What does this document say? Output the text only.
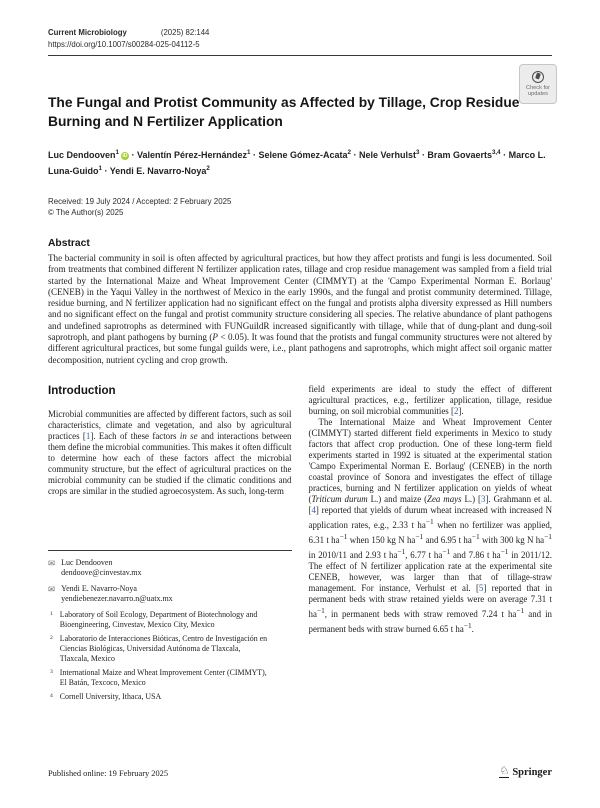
Current Microbiology	(2025) 82:144
https://doi.org/10.1007/s00284-025-04112-5
Check for
updates
The Fungal and Protist Community as Affected by Tillage, Crop Residue Burning and N Fertilizer Application
Luc Dendooven$^1$ iD · Valentín Pérez-Hernández$^1$ · Selene Gómez-Acata$^2$ · Nele Verhulst$^3$ · Bram Govaerts$^{3,4}$ · Marco L. Luna-Guido$^1$ · Yendi E. Navarro-Noya$^2$
Received: 19 July 2024 / Accepted: 2 February 2025
© The Author(s) 2025
Abstract

The bacterial community in soil is often affected by agricultural practices, but how they affect protists and fungi is less documented. Soil from treatments that combined different N fertilizer application rates, tillage and crop residue management was sampled from a field trial started by the International Maize and Wheat Improvement Center (CIMMYT) at the 'Campo Experimental Norman E. Borlaug' (CENEB) in the Yaqui Valley in the northwest of Mexico in the early 1990s, and the fungal and protist community determined. Tillage, residue burning, and N fertilizer application had no significant effect on the fungal and protists alpha diversity expressed as Hill numbers and no significant effect on the fungal and protist community structure considering all species. The relative abundance of plant pathogens and undefined saprotrophs as determined with FUNGuildR increased significantly with tillage, while that of dung-plant and dung-soil saprotroph, and plant pathogens by burning (P < 0.05). It was found that the protists and fungal community structures were not altered by different agricultural practices, but some fungal guilds were, i.e., plant pathogens and saprotrophs, which might affect soil organic matter decomposition, nutrient cycling and crop growth.

Introduction

Microbial communities are affected by different factors, such as soil characteristics, climate and vegetation, and also by agricultural practices [1]. Each of these factors in se and interactions between them define the microbial communities. This makes it often difficult to determine how each of these factors affect the microbial community structure, but the effect of agricultural practices on the microbial community can be studied if the climatic conditions and crops are similar in the studied agroecosystem. As such, long-term

✉ Luc Dendooven
dendoove@cinvestav.mx
✉ Yendi E. Navarro-Noya
yendiebenezer.navarro.n@uatx.mx
1 Laboratory of Soil Ecology, Department of Biotechnology and Bioengineering, Cinvestav, Mexico City, Mexico
2 Laboratorio de Interacciones Bióticas, Centro de Investigación en Ciencias Biológicas, Universidad Autónoma de Tlaxcala, Tlaxcala, Mexico
3 International Maize and Wheat Improvement Center (CIMMYT), El Batán, Texcoco, Mexico
4 Cornell University, Ithaca, USA

field experiments are ideal to study the effect of different agricultural practices, e.g., fertilizer application, tillage, residue burning, on soil microbial communities [2].

The International Maize and Wheat Improvement Center (CIMMYT) started different field experiments in Mexico to study factors that affect crop production. One of these long-term field experiments started in 1992 is situated at the experimental station 'Campo Experimental Norman E. Borlaug' (CENEB) in the north coastal province of Sonora and investigates the effect of tillage practices, burning and N fertilizer application on yields of wheat (Triticum durum L.) and maize (Zea mays L.) [3]. Grahmann et al. [4] reported that yields of durum wheat increased with increased N application rates, e.g., 2.33 t $ha^{-1}$ when no fertilizer was applied, 6.31 t $ha^{-1}$ when 150 kg N $ha^{-1}$ and 6.95 t $ha^{-1}$ with 300 kg N $ha^{-1}$ in 2010/11 and 2.93 t $ha^{-1}$, 6.77 t $ha^{-1}$ and 7.86 t $ha^{-1}$ in 2011/12. The effect of N fertilizer application rate at the experimental site CENEB, however, was larger than that of tillage-straw management. For instance, Verhulst et al. [5] reported that in permanent beds with straw retained yields were on average 7.31 t $ha^{-1}$, in permanent beds with straw removed 7.24 t $ha^{-1}$ and in permanent beds with straw burned 6.65 t $ha^{-1}$.

Published online: 19 February 2025	♘ Springer
